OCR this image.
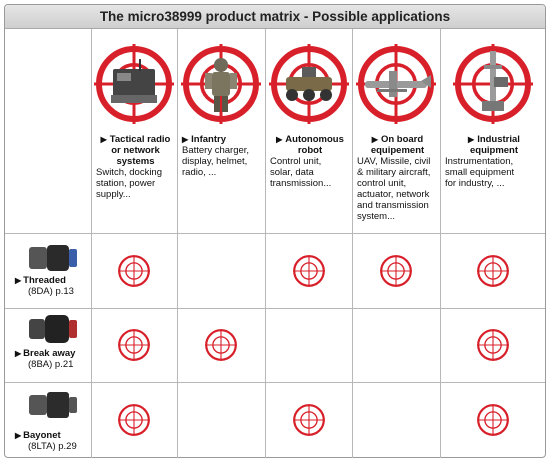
The micro38999 product matrix - Possible applications
▶ Tactical radio
or network
systems
Switch, docking
station, power
supply...
▶ Infantry
Battery charger,
display, helmet,
radio, ...
▶ Autonomous
robot
Control unit,
solar, data
transmission...
▶ On board
equipement
UAV, Missile, civil
& military aircraft,
control unit,
actuator, network
and transmission
system...
▶ Industrial
equipment
Instrumentation,
small equipment
for industry, ...
▶ Threaded
(8DA) p.13
▶ Break away
(8BA) p.21
▶ Bayonet
(8LTA) p.29
